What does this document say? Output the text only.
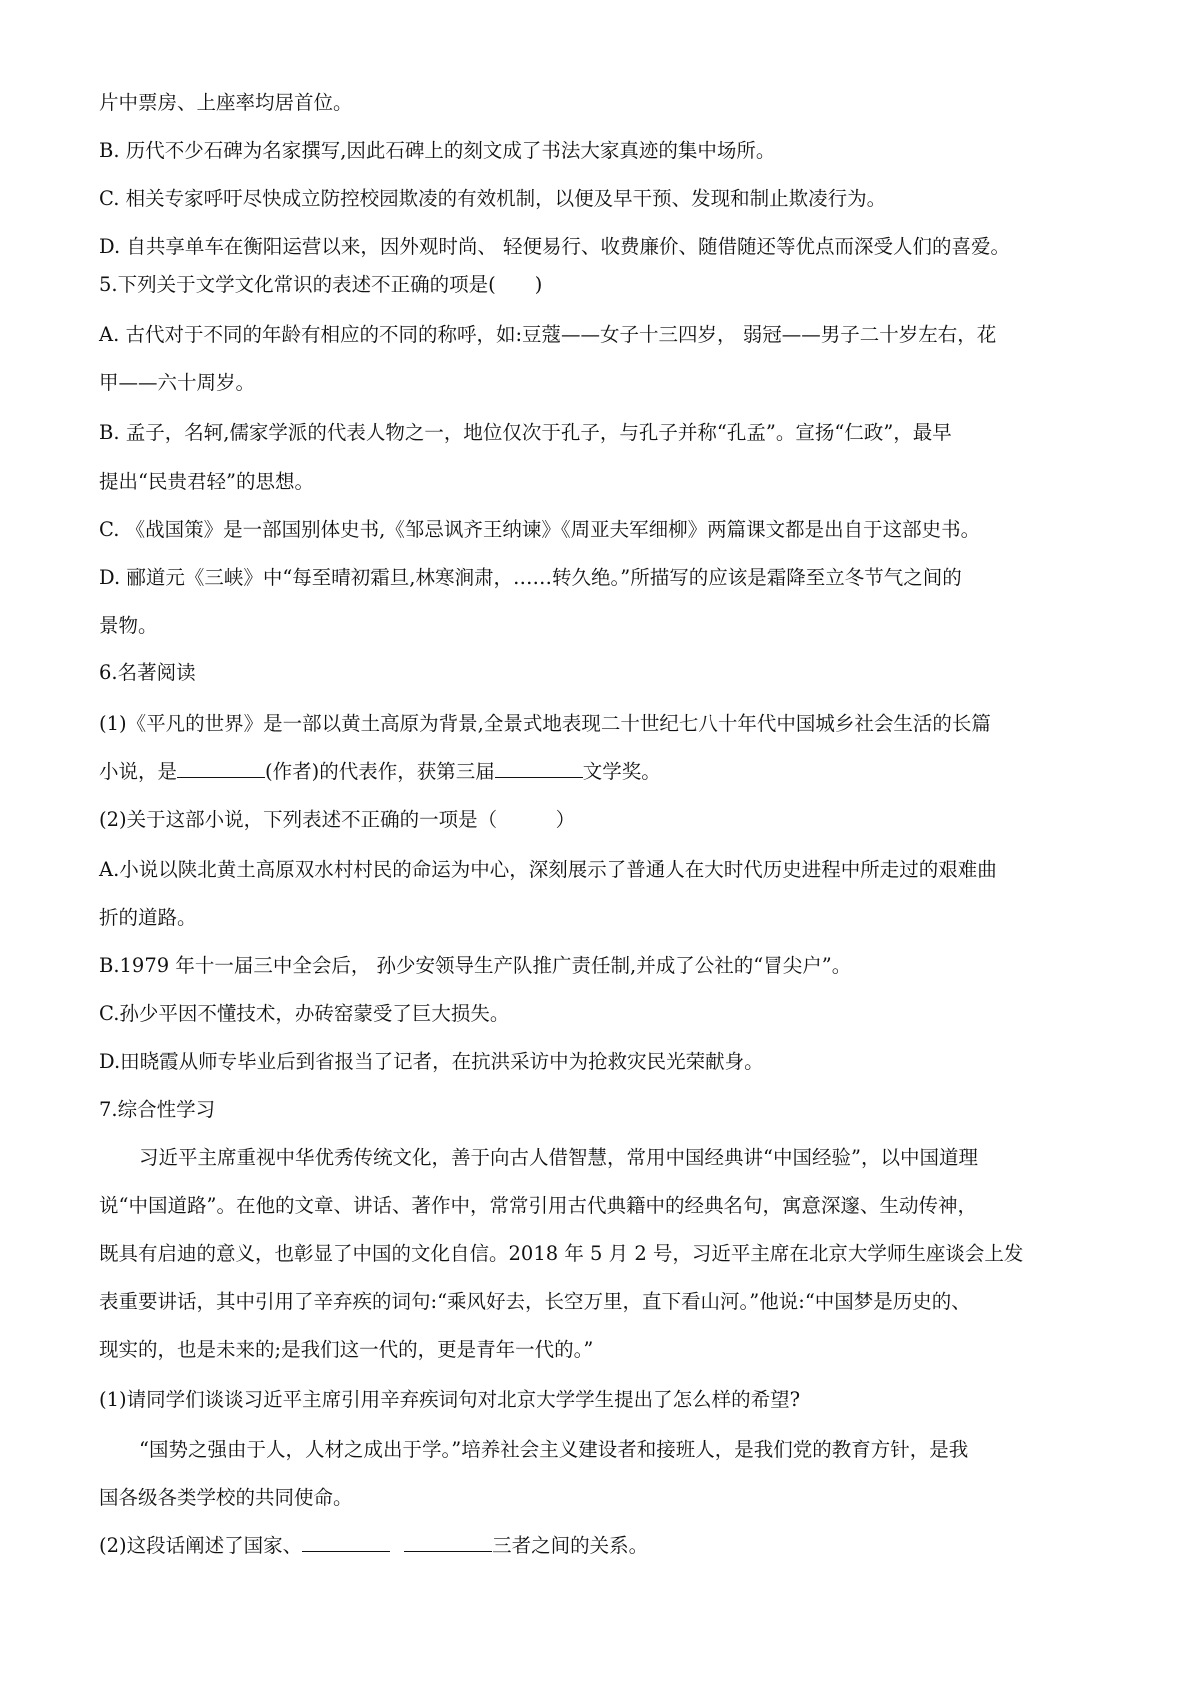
片中票房、上座率均居首位。
B. 历代不少石碑为名家撰写,因此石碑上的刻文成了书法大家真迹的集中场所。
C. 相关专家呼吁尽快成立防控校园欺凌的有效机制，以便及早干预、发现和制止欺凌行为。
D. 自共享单车在衡阳运营以来，因外观时尚、 轻便易行、收费廉价、随借随还等优点而深受人们的喜爱。
5.下列关于文学文化常识的表述不正确的项是(　　)
A. 古代对于不同的年龄有相应的不同的称呼，如:豆蔻——女子十三四岁， 弱冠——男子二十岁左右，花
甲——六十周岁。
B. 孟子，名轲,儒家学派的代表人物之一，地位仅次于孔子，与孔子并称“孔孟”。宣扬“仁政”，最早
提出“民贵君轻”的思想。
C. 《战国策》是一部国别体史书,《邹忌讽齐王纳谏》《周亚夫军细柳》两篇课文都是出自于这部史书。
D. 郦道元《三峡》中“每至晴初霜旦,林寒涧肃，……转久绝。”所描写的应该是霜降至立冬节气之间的
景物。
6.名著阅读
(1)《平凡的世界》是一部以黄土高原为背景,全景式地表现二十世纪七八十年代中国城乡社会生活的长篇
小说，是	(作者)的代表作，获第三届	文学奖。
(2)关于这部小说，下列表述不正确的一项是（　　　）
A.小说以陕北黄土高原双水村村民的命运为中心，深刻展示了普通人在大时代历史进程中所走过的艰难曲
折的道路。
B.1979 年十一届三中全会后， 孙少安领导生产队推广责任制,并成了公社的“冒尖户”。
C.孙少平因不懂技术，办砖窑蒙受了巨大损失。
D.田晓霞从师专毕业后到省报当了记者，在抗洪采访中为抢救灾民光荣献身。
7.综合性学习
习近平主席重视中华优秀传统文化，善于向古人借智慧，常用中国经典讲“中国经验”，以中国道理
说“中国道路”。在他的文章、讲话、著作中，常常引用古代典籍中的经典名句，寓意深邃、生动传神，
既具有启迪的意义，也彰显了中国的文化自信。2018 年 5 月 2 号，习近平主席在北京大学师生座谈会上发
表重要讲话，其中引用了辛弃疾的词句:“乘风好去，长空万里，直下看山河。”他说:“中国梦是历史的、
现实的，也是未来的;是我们这一代的，更是青年一代的。”
(1)请同学们谈谈习近平主席引用辛弃疾词句对北京大学学生提出了怎么样的希望?
“国势之强由于人，人材之成出于学。”培养社会主义建设者和接班人，是我们党的教育方针，是我
国各级各类学校的共同使命。
(2)这段话阐述了国家、	三者之间的关系。
